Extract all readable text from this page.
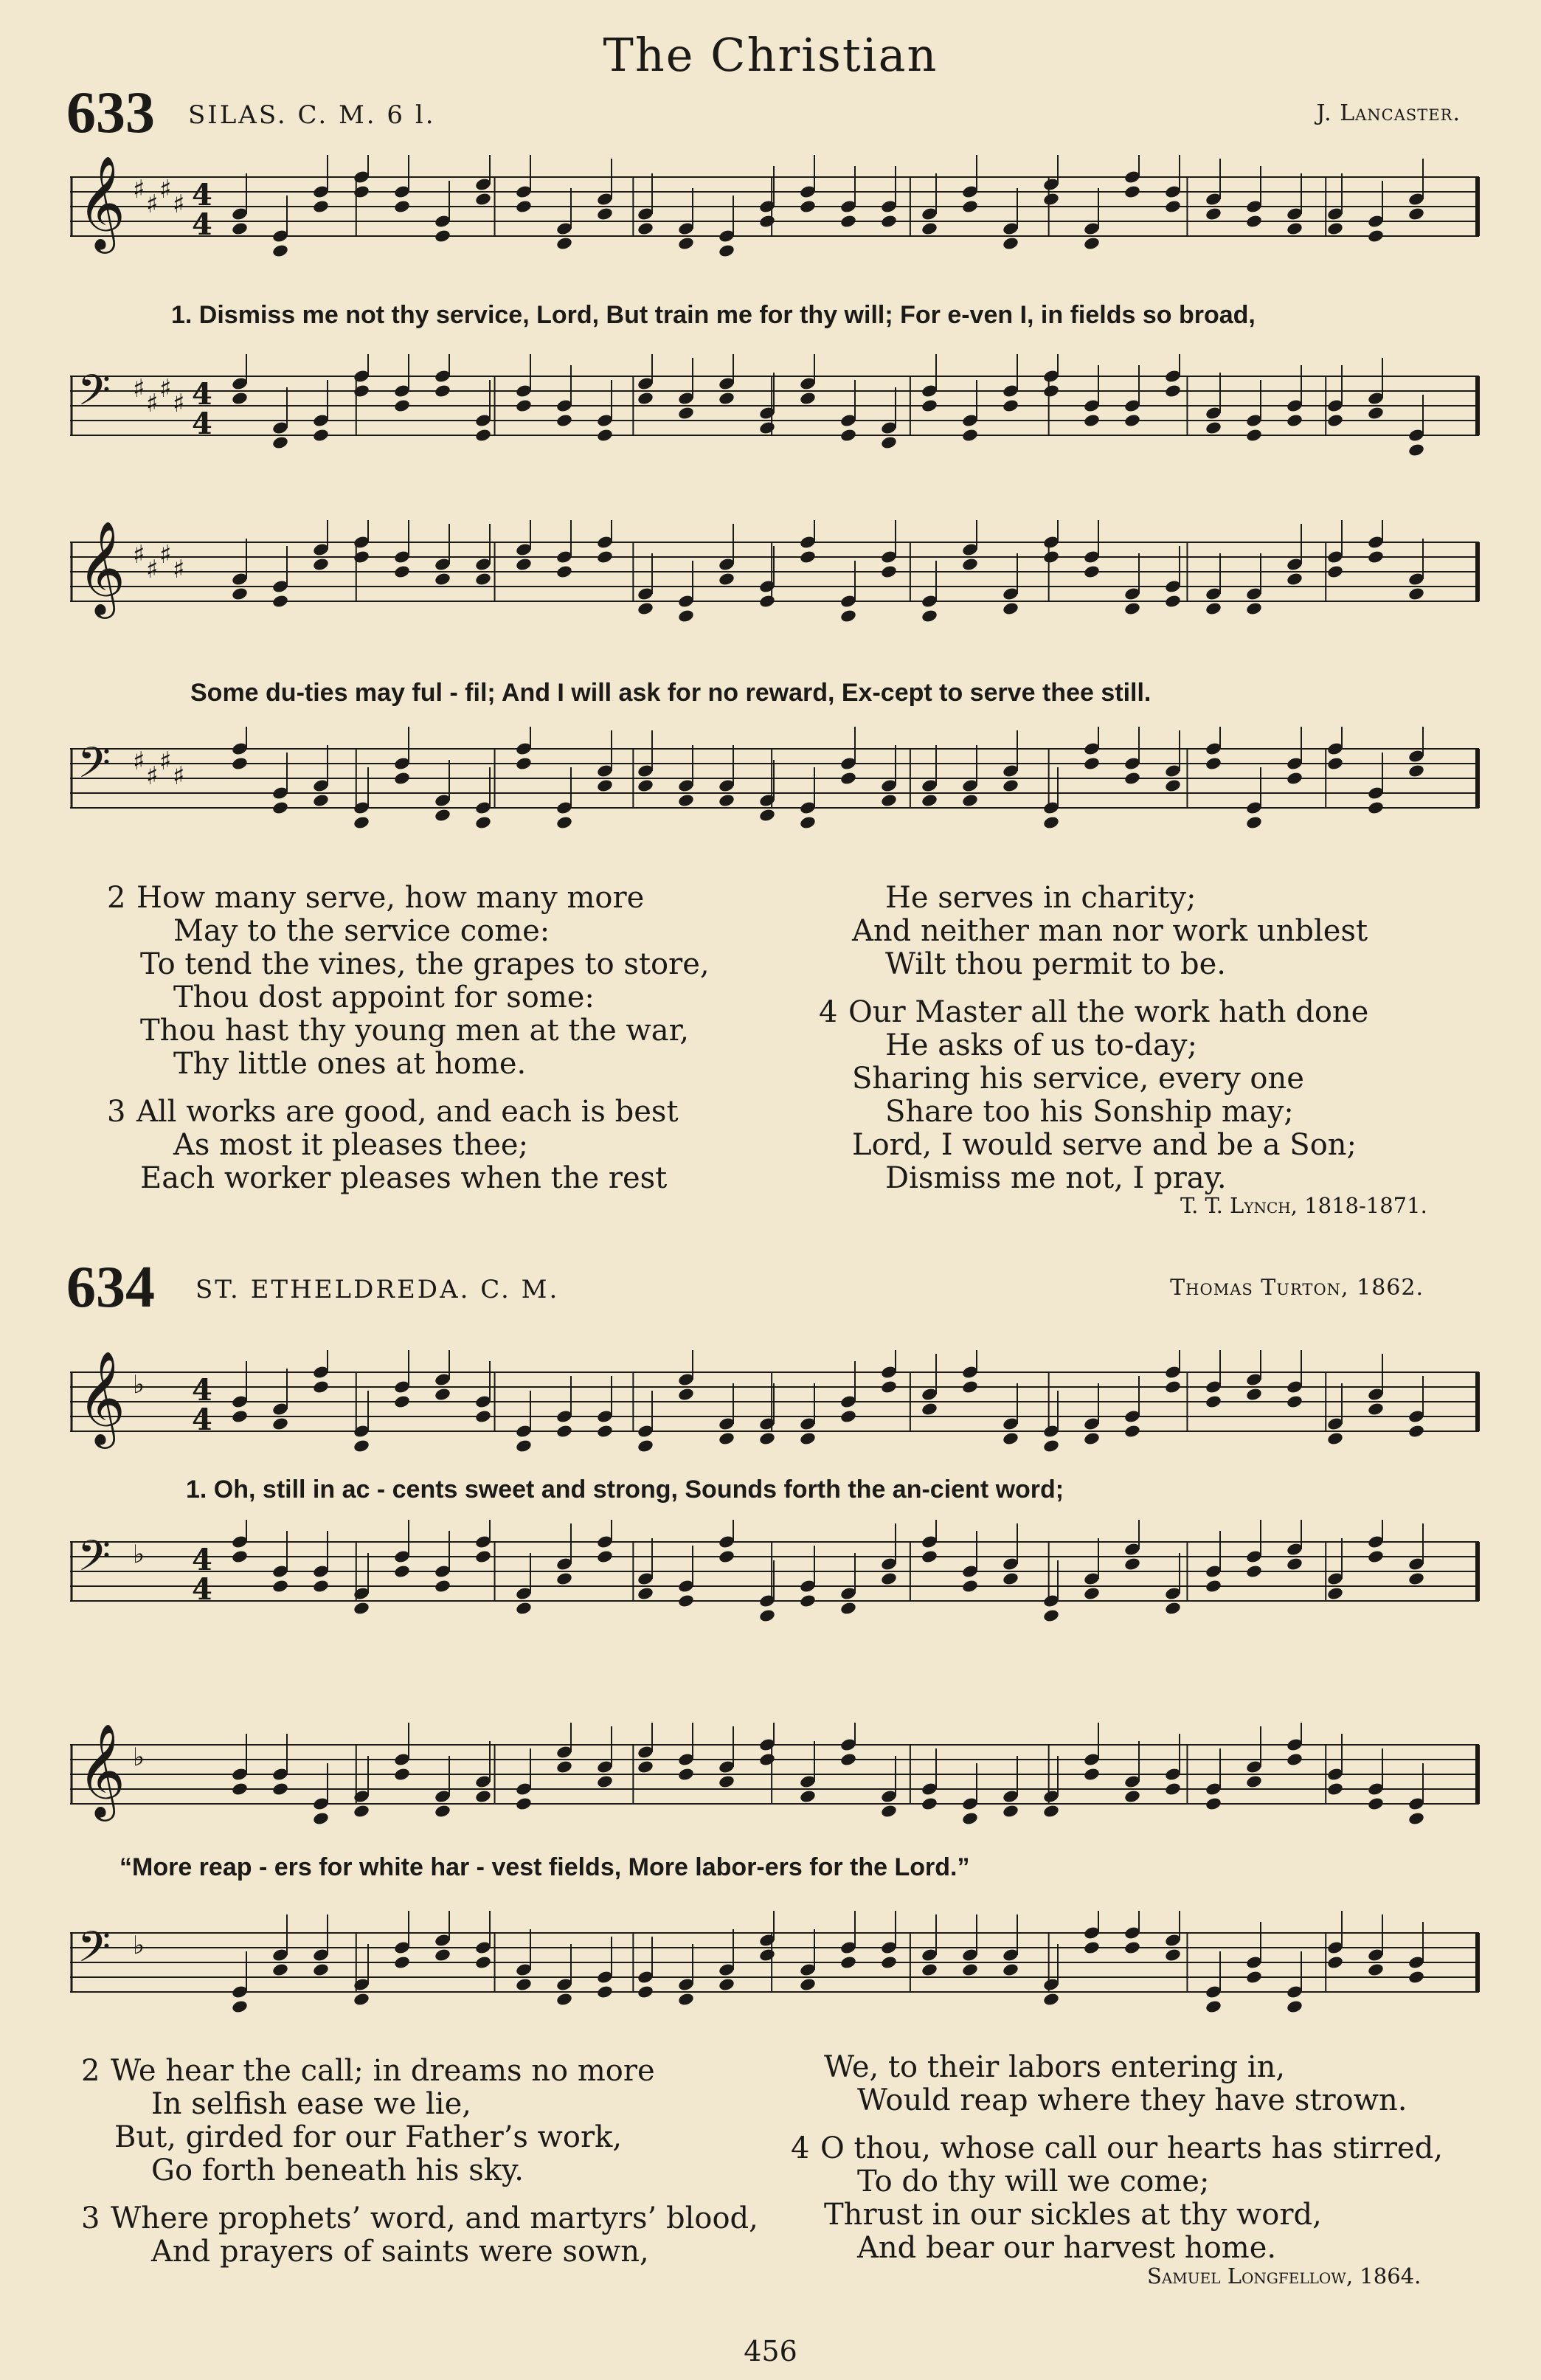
The Christian
633 SILAS. C. M. 6 l.	J. Lancaster.
𝄞 ♯ ♯ ♯ ♯ 4
4
1. Dismiss me not thy service, Lord, But train me for thy will; For e-ven I, in fields so broad,
𝄢 ♯ ♯ ♯ ♯ 4
4
𝄞 ♯ ♯ ♯ ♯
Some du-ties may ful - fil; And I will ask for no reward, Ex-cept to serve thee still.
𝄢 ♯ ♯ ♯ ♯
2 How many serve, how many more
May to the service come:
To tend the vines, the grapes to store,
Thou dost appoint for some:
Thou hast thy young men at the war,
Thy little ones at home.
3 All works are good, and each is best
As most it pleases thee;
Each worker pleases when the rest
He serves in charity;
And neither man nor work unblest
Wilt thou permit to be.
4 Our Master all the work hath done
He asks of us to-day;
Sharing his service, every one
Share too his Sonship may;
Lord, I would serve and be a Son;
Dismiss me not, I pray.
T. T. Lynch, 1818-1871.
634 ST. ETHELDREDA. C. M.	Thomas Turton, 1862.
𝄞 ♭ 4
4
1. Oh, still in ac - cents sweet and strong, Sounds forth the an-cient word;
𝄢 ♭ 4
4
𝄞 ♭
“More reap - ers for white har - vest fields, More labor-ers for the Lord.”
𝄢 ♭
2 We hear the call; in dreams no more
In selfish ease we lie,
But, girded for our Father’s work,
Go forth beneath his sky.
3 Where prophets’ word, and martyrs’ blood,
And prayers of saints were sown,
We, to their labors entering in,
Would reap where they have strown.
4 O thou, whose call our hearts has stirred,
To do thy will we come;
Thrust in our sickles at thy word,
And bear our harvest home.
Samuel Longfellow, 1864.
456
